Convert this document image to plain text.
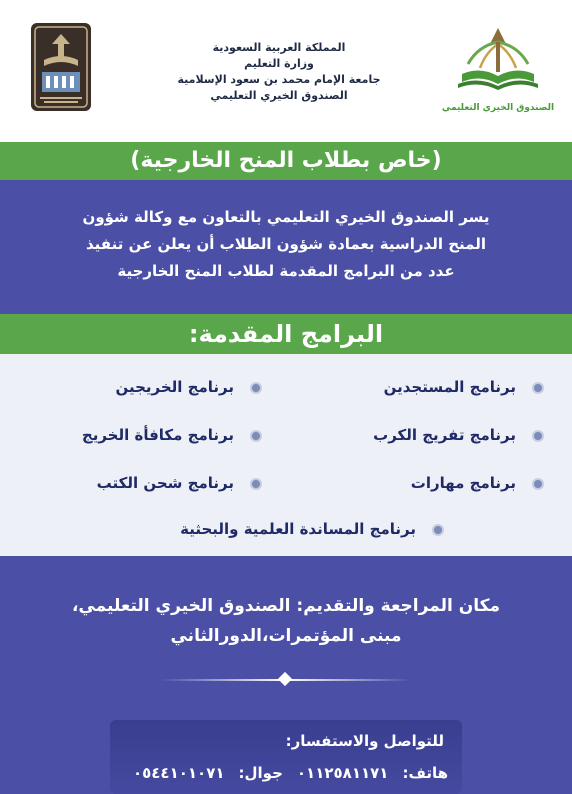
المملكة العربية السعودية
وزارة التعليم
جامعة الإمام محمد بن سعود الإسلامية
الصندوق الخيري التعليمي
الصندوق الخيري التعليمي
(خاص بطلاب المنح الخارجية)
يسر الصندوق الخيري التعليمي بالتعاون مع وكالة شؤون
المنح الدراسية بعمادة شؤون الطلاب أن يعلن عن تنفيذ
عدد من البرامج المقدمة لطلاب المنح الخارجية
البرامج المقدمة:
برنامج المستجدين
برنامج الخريجين
برنامج تفريج الكرب
برنامج مكافأة الخريج
برنامج مهارات
برنامج شحن الكتب
برنامج المساندة العلمية والبحثية
مكان المراجعة والتقديم: الصندوق الخيري التعليمي،
مبنى المؤتمرات،الدورالثاني
للتواصل والاستفسار:
هاتف:٠١١٢٥٨١١٧١جوال:٠٥٤٤١٠١٠٧١
